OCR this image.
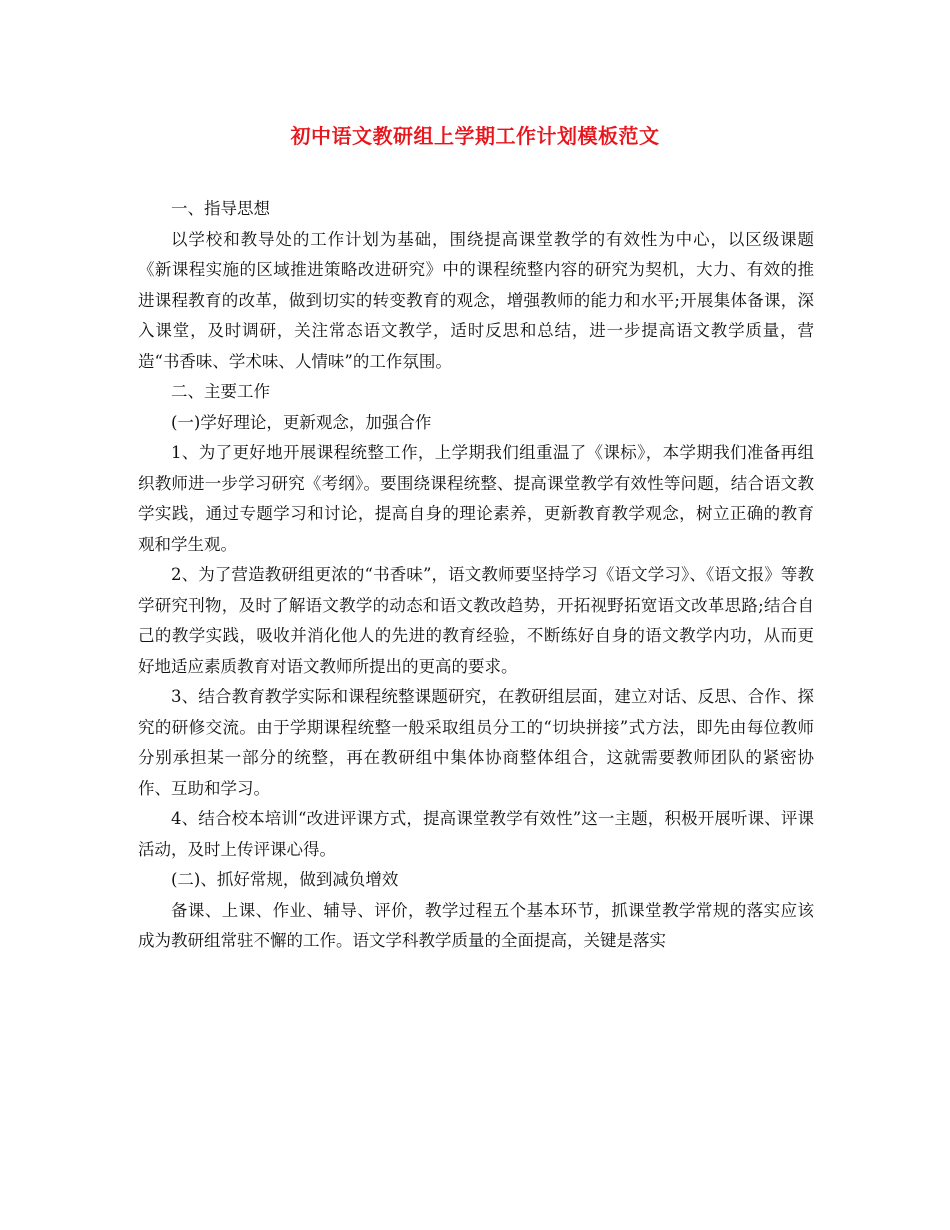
初中语文教研组上学期工作计划模板范文

一、指导思想

以学校和教导处的工作计划为基础，围绕提高课堂教学的有效性为中心，以区级课题《新课程实施的区域推进策略改进研究》中的课程统整内容的研究为契机，大力、有效的推进课程教育的改革，做到切实的转变教育的观念，增强教师的能力和水平;开展集体备课，深入课堂，及时调研，关注常态语文教学，适时反思和总结，进一步提高语文教学质量，营造“书香味、学术味、人情味”的工作氛围。

二、主要工作

(一)学好理论，更新观念，加强合作

1、为了更好地开展课程统整工作，上学期我们组重温了《课标》，本学期我们准备再组织教师进一步学习研究《考纲》。要围绕课程统整、提高课堂教学有效性等问题，结合语文教学实践，通过专题学习和讨论，提高自身的理论素养，更新教育教学观念，树立正确的教育观和学生观。

2、为了营造教研组更浓的“书香味”，语文教师要坚持学习《语文学习》、《语文报》等教学研究刊物，及时了解语文教学的动态和语文教改趋势，开拓视野拓宽语文改革思路;结合自己的教学实践，吸收并消化他人的先进的教育经验，不断练好自身的语文教学内功，从而更好地适应素质教育对语文教师所提出的更高的要求。

3、结合教育教学实际和课程统整课题研究，在教研组层面，建立对话、反思、合作、探究的研修交流。由于学期课程统整一般采取组员分工的“切块拼接”式方法，即先由每位教师分别承担某一部分的统整，再在教研组中集体协商整体组合，这就需要教师团队的紧密协作、互助和学习。

4、结合校本培训“改进评课方式，提高课堂教学有效性”这一主题，积极开展听课、评课活动，及时上传评课心得。

(二)、抓好常规，做到减负增效

备课、上课、作业、辅导、评价，教学过程五个基本环节，抓课堂教学常规的落实应该成为教研组常驻不懈的工作。语文学科教学质量的全面提高，关键是落实
